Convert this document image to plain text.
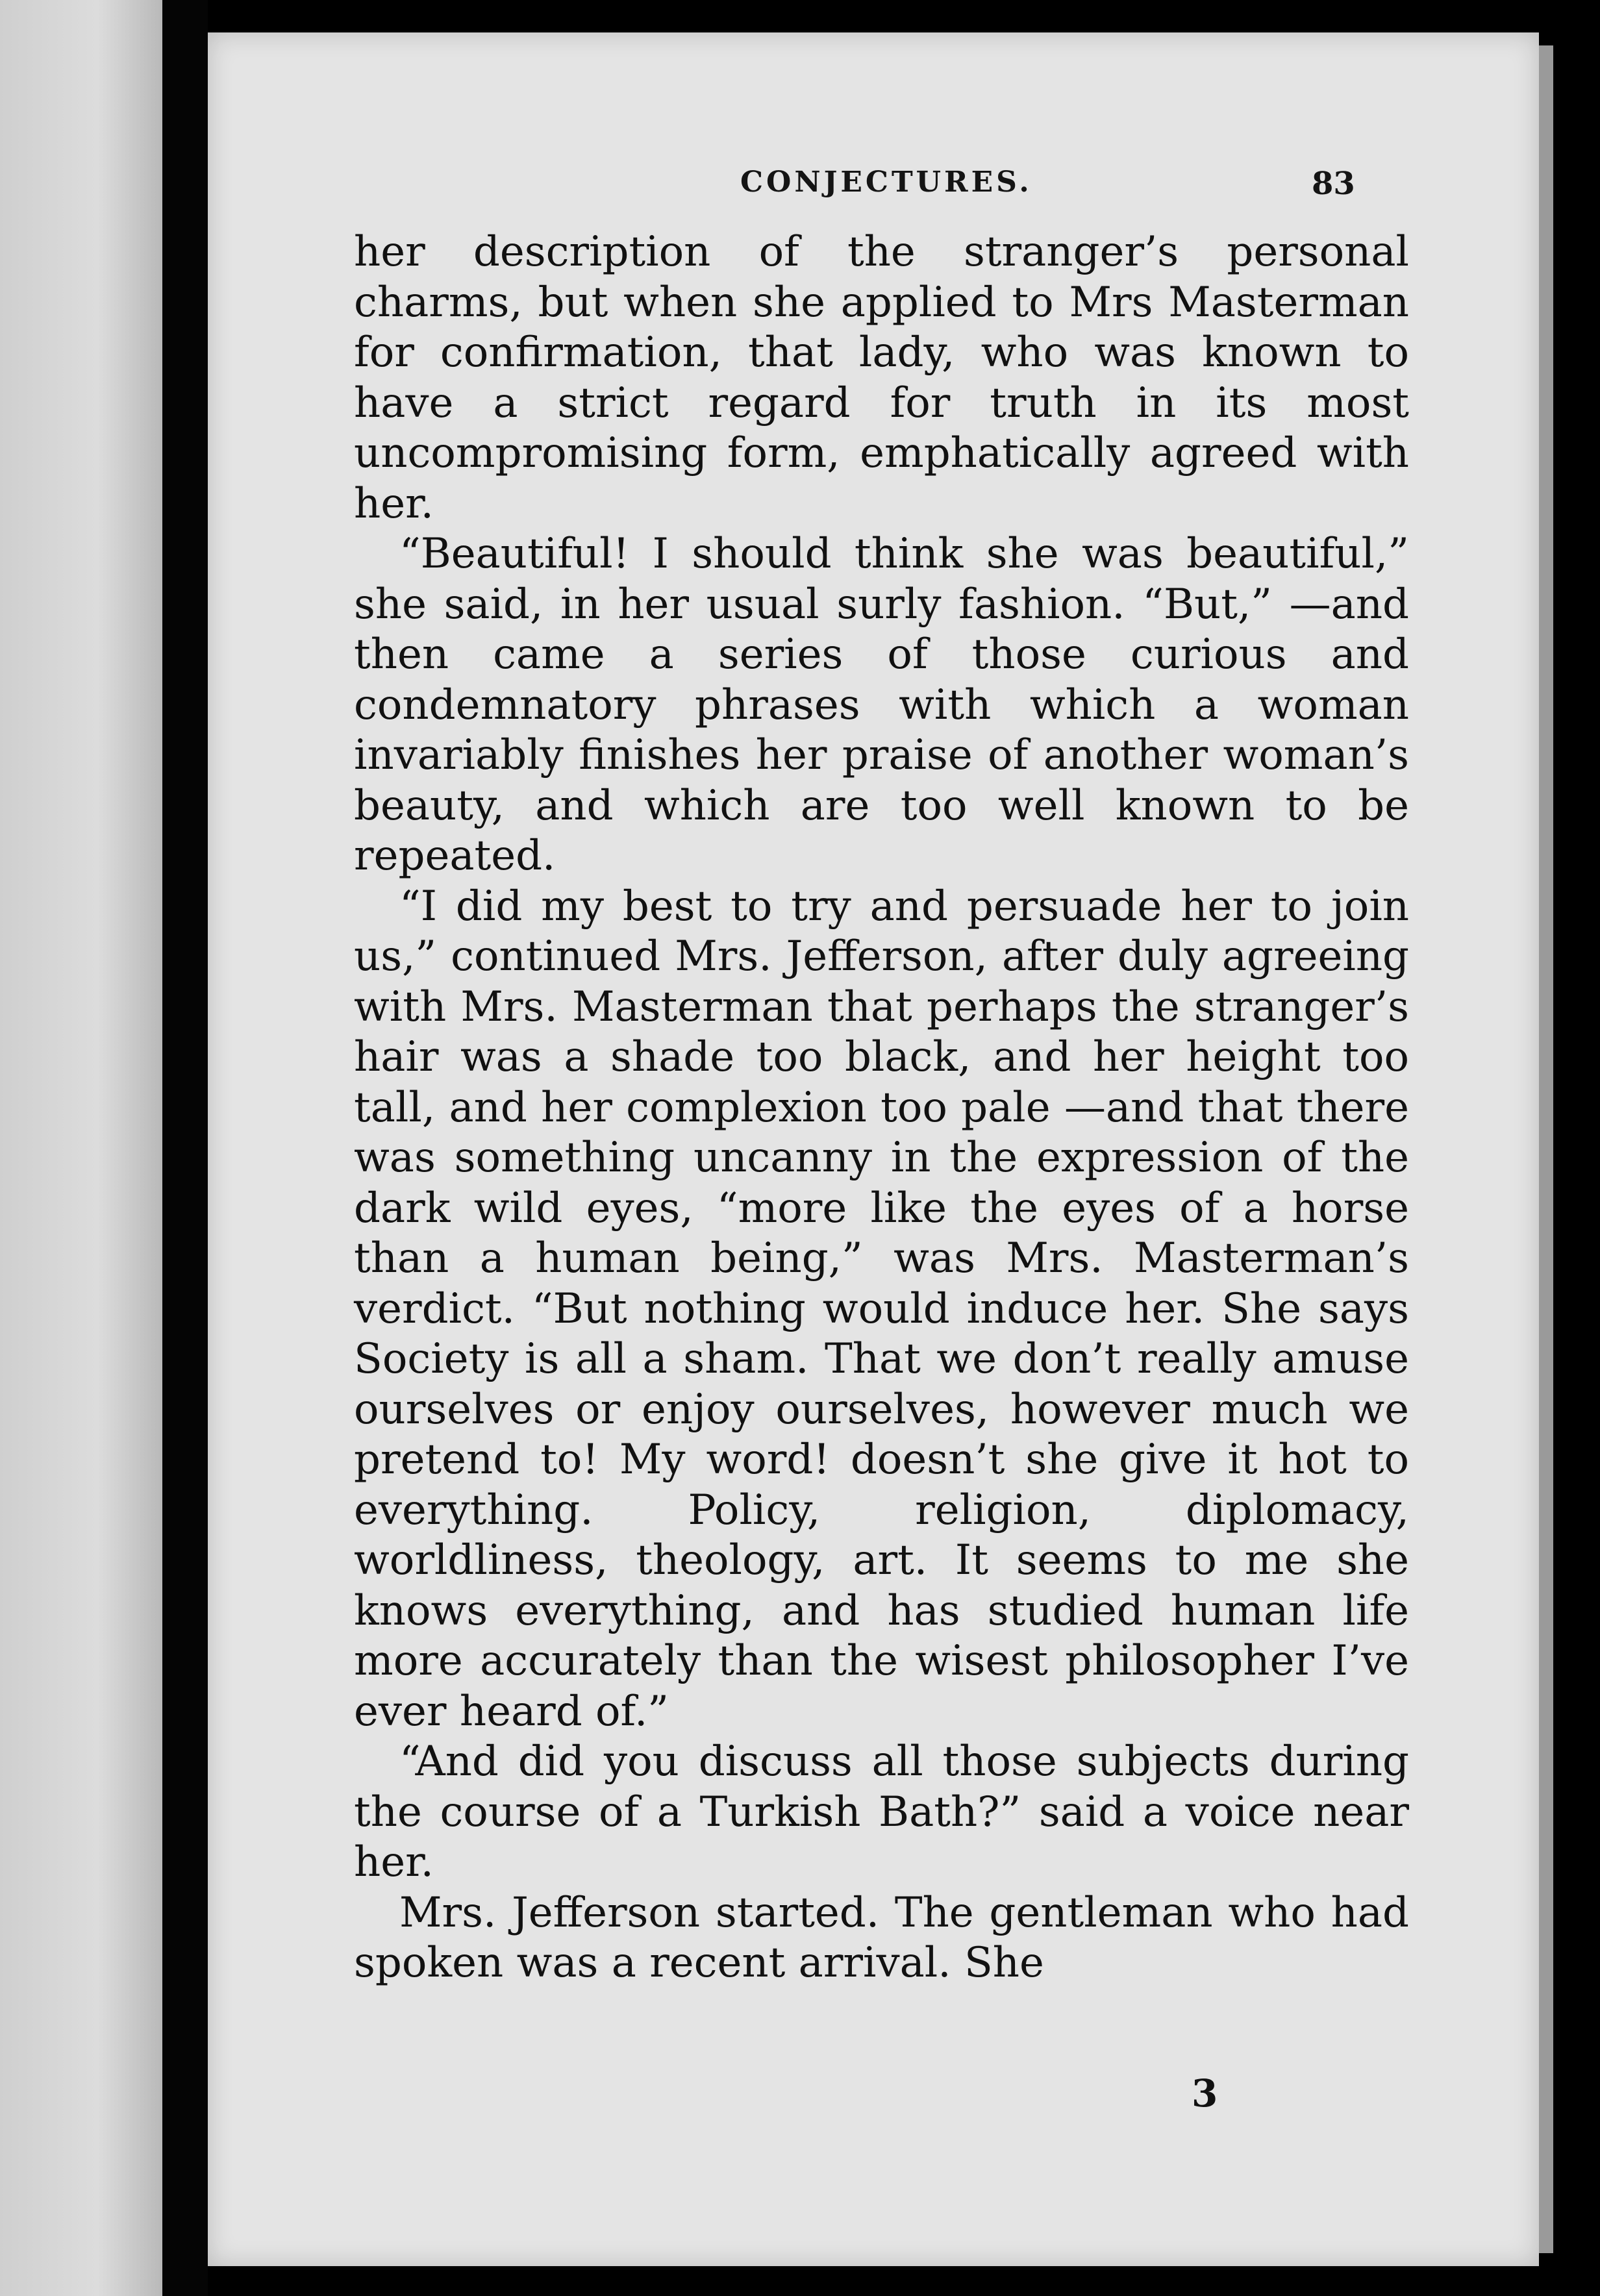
CONJECTURES.	83

her description of the stranger’s personal charms, but when she applied to Mrs Masterman for confirmation, that lady, who was known to have a strict regard for truth in its most uncompromising form, emphatically agreed with her.

“Beautiful! I should think she was beautiful,” she said, in her usual surly fashion. “But,” —and then came a series of those curious and condemnatory phrases with which a woman invariably finishes her praise of another woman’s beauty, and which are too well known to be repeated.

“I did my best to try and persuade her to join us,” continued Mrs. Jefferson, after duly agreeing with Mrs. Masterman that perhaps the stranger’s hair was a shade too black, and her height too tall, and her complexion too pale —and that there was something uncanny in the expression of the dark wild eyes, “more like the eyes of a horse than a human being,” was Mrs. Masterman’s verdict. “But nothing would induce her. She says Society is all a sham. That we don’t really amuse ourselves or enjoy ourselves, however much we pretend to! My word! doesn’t she give it hot to everything. Policy, religion, diplomacy, worldliness, theology, art. It seems to me she knows everything, and has studied human life more accurately than the wisest philosopher I’ve ever heard of.”

“And did you discuss all those subjects during the course of a Turkish Bath?” said a voice near her.

Mrs. Jefferson started. The gentleman who had spoken was a recent arrival. She

3
